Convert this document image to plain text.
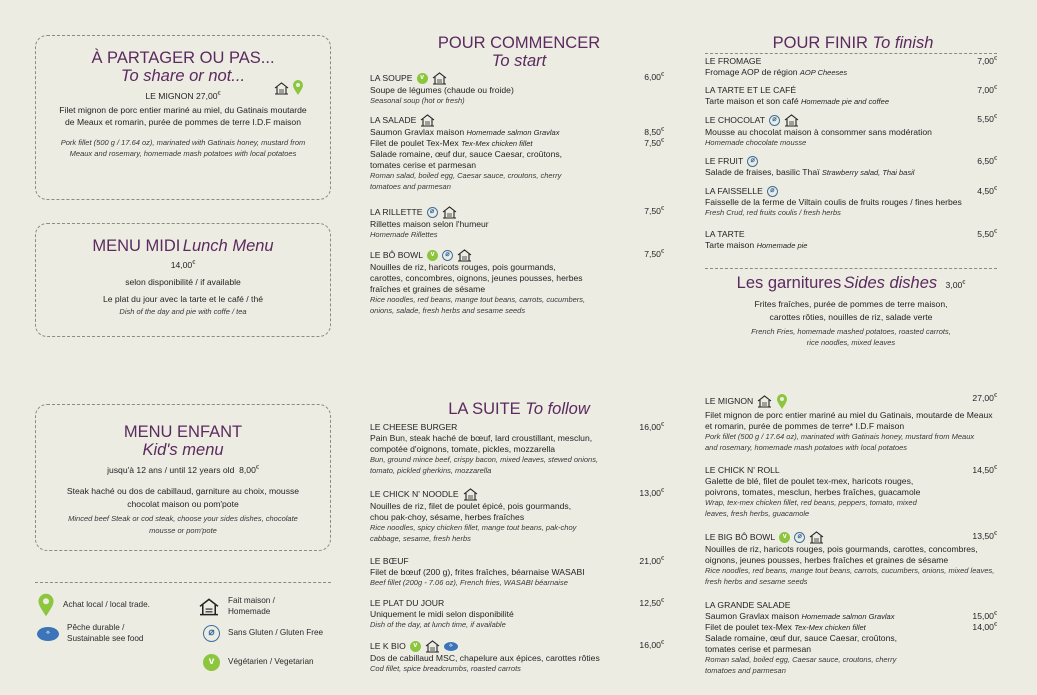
À PARTAGER OU PAS...
To share or not...
LE MIGNON 27,00€
Filet mignon de porc entier mariné au miel, du Gatinais moutarde de Meaux et romarin, purée de pommes de terre I.D.F maison
Pork fillet (500 g / 17.64 oz), marinated with Gatinais honey, mustard from Meaux and rosemary, homemade mash potatoes with local potatoes
MENU MIDI Lunch Menu
14,00€
selon disponibilité / if available
Le plat du jour avec la tarte et le café / thé
Dish of the day and pie with coffe / tea
MENU ENFANT
Kid's menu
jusqu'à 12 ans / until 12 years old 8,00€
Steak haché ou dos de cabillaud, garniture au choix, mousse chocolat maison ou pom'pote
Minced beef Steak or cod steak, choose your sides dishes, chocolate mousse or pom'pote
Achat local / local trade.	Fait maison / Homemade
⟡
Pêche durable / Sustainable see food	⌀	Sans Gluten / Gluten Free
v	Végétarien / Vegetarian
POUR COMMENCER
To start
LA SOUPE	v	6,00€
Soupe de légumes (chaude ou froide)
Seasonal soup (hot or fresh)
LA SALADE
Saumon Gravlax maison Homemade salmon Gravlax	8,50€
Filet de poulet Tex-Mex Tex-Mex chicken fillet	7,50€
Salade romaine, œuf dur, sauce Caesar, croûtons, tomates cerise et parmesan
Roman salad, boiled egg, Caesar sauce, croutons, cherry tomatoes and parmesan
LA RILLETTE	⌀	7,50€
Rillettes maison selon l'humeur
Homemade Rillettes
LE BÔ BOWL	v	⌀	7,50€
Nouilles de riz, haricots rouges, pois gourmands, carottes, concombres, oignons, jeunes pousses, herbes fraîches et graines de sésame
Rice noodles, red beans, mange tout beans, carrots, cucumbers, onions, salade, fresh herbs and sesame seeds
LA SUITE To follow
LE CHEESE BURGER	16,00€
Pain Bun, steak haché de bœuf, lard croustillant, mesclun, compotée d'oignons, tomate, pickles, mozzarella
Bun, ground mince beef, crispy bacon, mixed leaves, stewed onions, tomato, pickled gherkins, mozzarella
LE CHICK N' NOODLE	13,00€
Nouilles de riz, filet de poulet épicé, pois gourmands, chou pak-choy, sésame, herbes fraîches
Rice noodles, spicy chicken fillet, mange tout beans, pak-choy cabbage, sesame, fresh herbs
LE BŒUF	21,00€
Filet de bœuf (200 g), frites fraîches, béarnaise WASABI
Beef fillet (200g - 7.06 oz), French fries, WASABI béarnaise
LE PLAT DU JOUR	12,50€
Uniquement le midi selon disponibilité
Dish of the day, at lunch time, if available
LE K BIO	v	⟡	16,00€
Dos de cabillaud MSC, chapelure aux épices, carottes rôties
Cod fillet, spice breadcrumbs, roasted carrots
POUR FINIR To finish
LE FROMAGE	7,00€
Fromage AOP de région AOP Cheeses
LA TARTE ET LE CAFÉ	7,00€
Tarte maison et son café Homemade pie and coffee
LE CHOCOLAT	⌀	5,50€
Mousse au chocolat maison à consommer sans modération
Homemade chocolate mousse
LE FRUIT	⌀	6,50€
Salade de fraises, basilic Thaï Strawberry salad, Thai basil
LA FAISSELLE	⌀	4,50€
Faisselle de la ferme de Viltain coulis de fruits rouges / fines herbes
Fresh Crud, red fruits coulis / fresh herbs
LA TARTE	5,50€
Tarte maison Homemade pie
Les garnitures Sides dishes 3,00€
Frites fraîches, purée de pommes de terre maison, carottes rôties, nouilles de riz, salade verte
French Fries, homemade mashed potatoes, roasted carrots, rice noodles, mixed leaves
LE MIGNON	27,00€
Filet mignon de porc entier mariné au miel du Gatinais, moutarde de Meaux et romarin, purée de pommes de terre* I.D.F maison
Pork fillet (500 g / 17.64 oz), marinated with Gatinais honey, mustard from Meaux and rosemary, homemade mash potatoes with local potatoes
LE CHICK N' ROLL	14,50€
Galette de blé, filet de poulet tex-mex, haricots rouges, poivrons, tomates, mesclun, herbes fraîches, guacamole
Wrap, tex-mex chicken fillet, red beans, peppers, tomato, mixed leaves, fresh herbs, guacamole
LE BIG BÔ BOWL	v	⌀	13,50€
Nouilles de riz, haricots rouges, pois gourmands, carottes, concombres, oignons, jeunes pousses, herbes fraîches et graines de sésame
Rice noodles, red beans, mange tout beans, carrots, cucumbers, onions, mixed leaves, fresh herbs and sesame seeds
LA GRANDE SALADE
Saumon Gravlax maison Homemade salmon Gravlax	15,00€
Filet de poulet tex-Mex Tex-Mex chicken fillet	14,00€
Salade romaine, œuf dur, sauce Caesar, croûtons, tomates cerise et parmesan
Roman salad, boiled egg, Caesar sauce, croutons, cherry tomatoes and parmesan
